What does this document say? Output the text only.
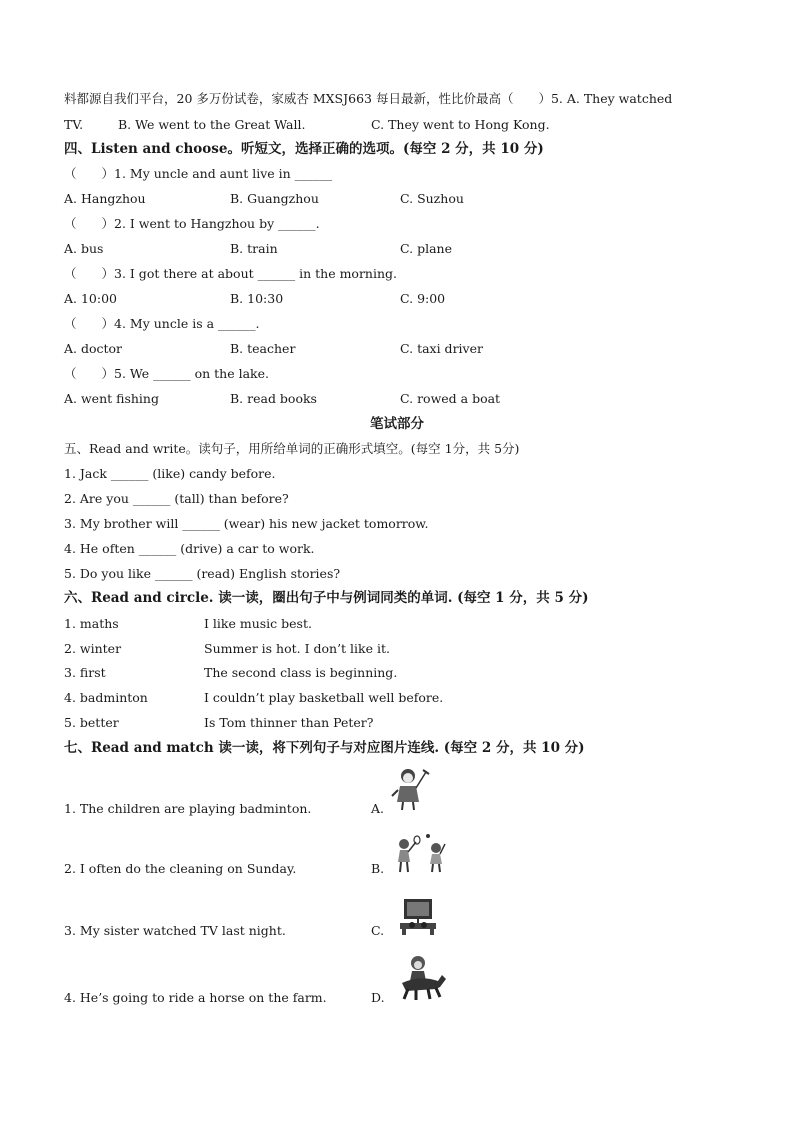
料都源自我们平台，20 多万份试卷，家威杏 MXSJ663 每日最新，性比价最高（　　）5. A. They watched
TV.	B. We went to the Great Wall.	C. They went to Hong Kong.
四、Listen and choose。听短文，选择正确的选项。(每空 2 分，共 10 分)
（　　）1. My uncle and aunt live in ______
A. Hangzhou	B. Guangzhou	C. Suzhou
（　　）2. I went to Hangzhou by ______.
A. bus	B. train	C. plane
（　　）3. I got there at about ______ in the morning.
A. 10:00	B. 10:30	C. 9:00
（　　）4. My uncle is a ______.
A. doctor	B. teacher	C. taxi driver
（　　）5. We ______ on the lake.
A. went fishing	B. read books	C. rowed a boat
笔试部分
五、Read and write。读句子，用所给单词的正确形式填空。(每空 1分，共 5分)
1. Jack ______ (like) candy before.
2. Are you ______ (tall) than before?
3. My brother will ______ (wear) his new jacket tomorrow.
4. He often ______ (drive) a car to work.
5. Do you like ______ (read) English stories?
六、Read and circle. 读一读，圈出句子中与例词同类的单词. (每空 1 分，共 5 分)
1. maths	I like music best.
2. winter	Summer is hot. I don’t like it.
3. first	The second class is beginning.
4. badminton	I couldn’t play basketball well before.
5. better	Is Tom thinner than Peter?
七、Read and match 读一读，将下列句子与对应图片连线. (每空 2 分，共 10 分)
1. The children are playing badminton.	A.
2. I often do the cleaning on Sunday.	B.
3. My sister watched TV last night.	C.
4. He’s going to ride a horse on the farm.	D.
